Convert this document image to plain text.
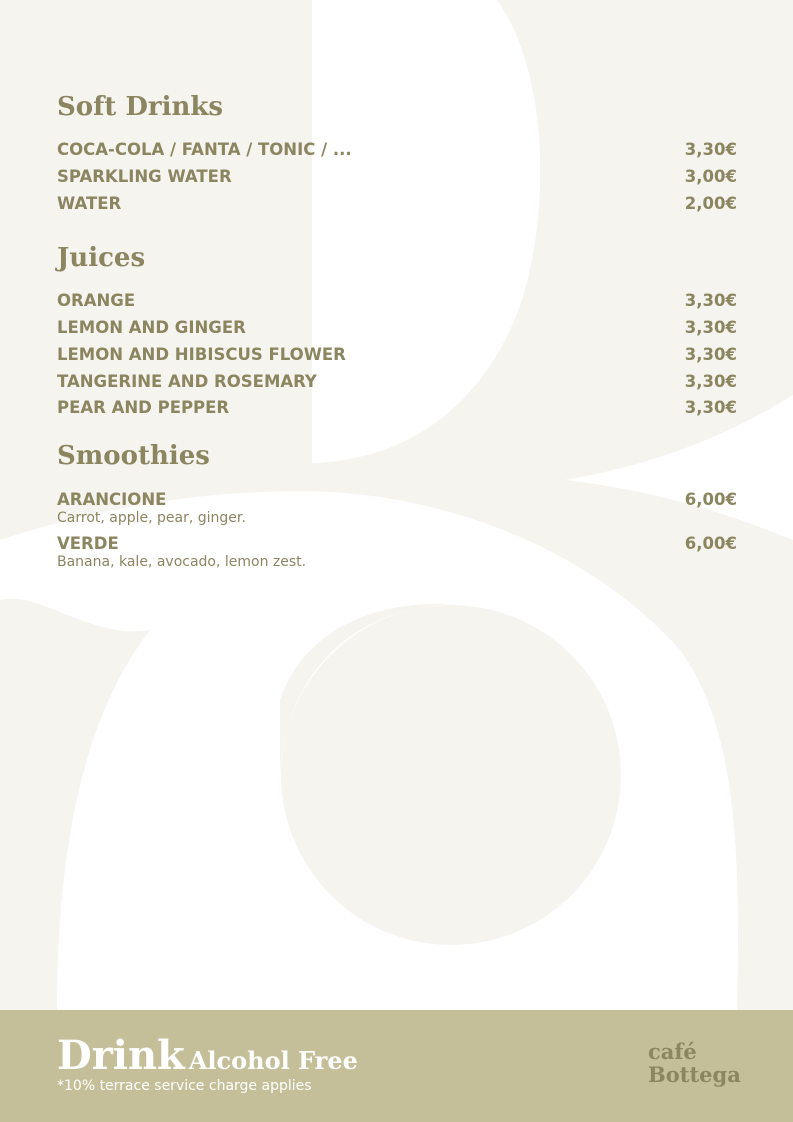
Soft Drinks
COCA-COLA / FANTA / TONIC / ...	3,30€
SPARKLING WATER	3,00€
WATER	2,00€
Juices
ORANGE	3,30€
LEMON AND GINGER	3,30€
LEMON AND HIBISCUS FLOWER	3,30€
TANGERINE AND ROSEMARY	3,30€
PEAR AND PEPPER	3,30€
Smoothies
ARANCIONE	6,00€
Carrot, apple, pear, ginger.
VERDE	6,00€
Banana, kale, avocado, lemon zest.
Drink Alcohol Free
*10% terrace service charge applies
café
Bottega
